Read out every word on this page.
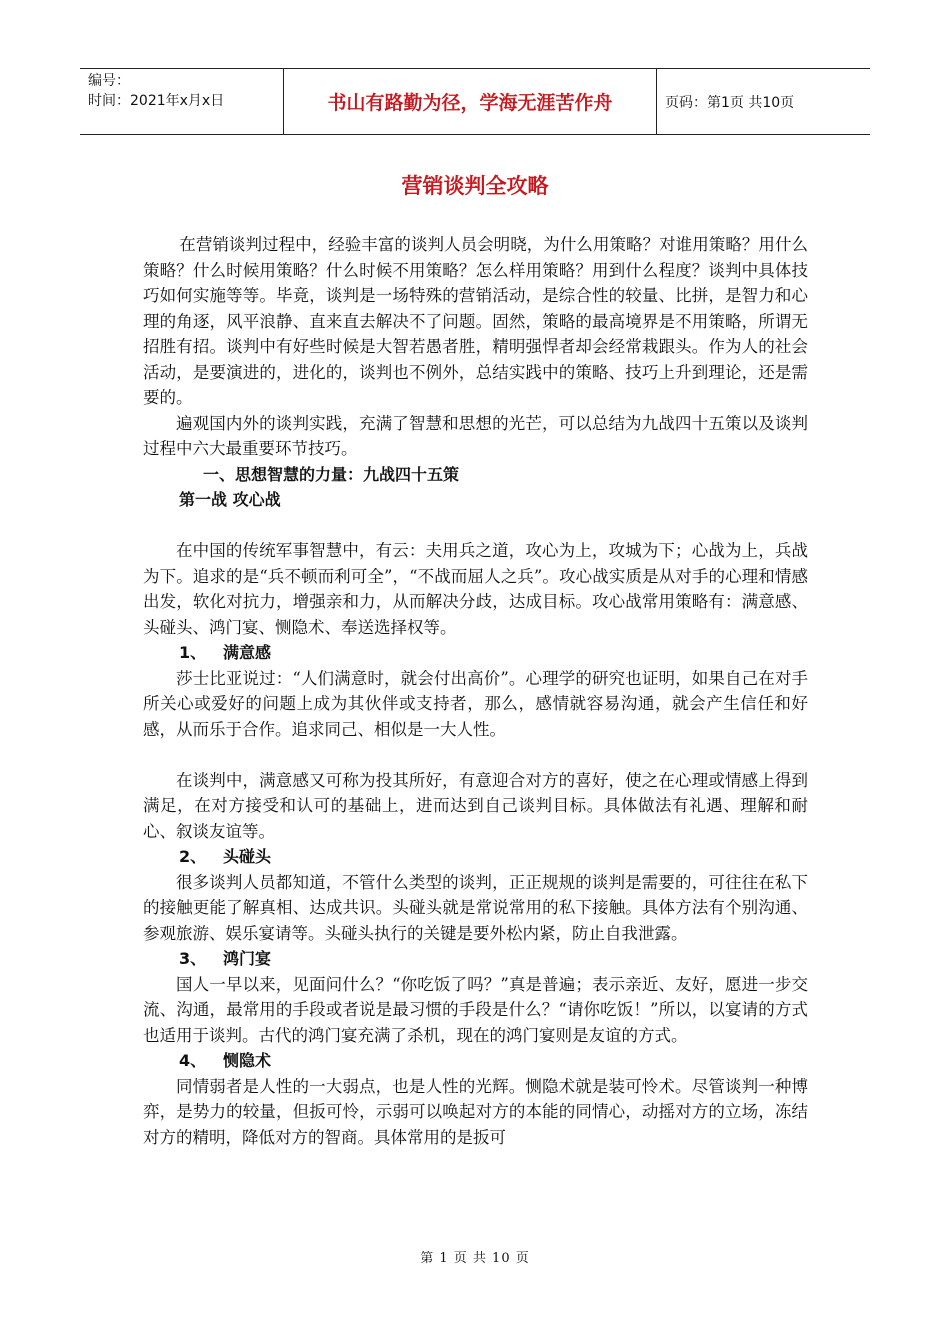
编号：
时间：2021年x月x日	书山有路勤为径，学海无涯苦作舟	页码：第1页 共10页
营销谈判全攻略

在营销谈判过程中，经验丰富的谈判人员会明晓，为什么用策略？对谁用策略？用什么策略？什么时候用策略？什么时候不用策略？怎么样用策略？用到什么程度？谈判中具体技巧如何实施等等。毕竟，谈判是一场特殊的营销活动，是综合性的较量、比拼，是智力和心理的角逐，风平浪静、直来直去解决不了问题。固然，策略的最高境界是不用策略，所谓无招胜有招。谈判中有好些时候是大智若愚者胜，精明强悍者却会经常栽跟头。作为人的社会活动，是要演进的，进化的，谈判也不例外，总结实践中的策略、技巧上升到理论，还是需要的。

遍观国内外的谈判实践，充满了智慧和思想的光芒，可以总结为九战四十五策以及谈判过程中六大最重要环节技巧。

一、思想智慧的力量：九战四十五策

第一战 攻心战

在中国的传统军事智慧中，有云：夫用兵之道，攻心为上，攻城为下；心战为上，兵战为下。追求的是“兵不顿而利可全”，“不战而屈人之兵”。攻心战实质是从对手的心理和情感出发，软化对抗力，增强亲和力，从而解决分歧，达成目标。攻心战常用策略有：满意感、头碰头、鸿门宴、恻隐术、奉送选择权等。

1、 满意感

莎士比亚说过：“人们满意时，就会付出高价”。心理学的研究也证明，如果自己在对手所关心或爱好的问题上成为其伙伴或支持者，那么，感情就容易沟通，就会产生信任和好感，从而乐于合作。追求同己、相似是一大人性。

在谈判中，满意感又可称为投其所好，有意迎合对方的喜好，使之在心理或情感上得到满足，在对方接受和认可的基础上，进而达到自己谈判目标。具体做法有礼遇、理解和耐心、叙谈友谊等。

2、 头碰头

很多谈判人员都知道，不管什么类型的谈判，正正规规的谈判是需要的，可往往在私下的接触更能了解真相、达成共识。头碰头就是常说常用的私下接触。具体方法有个别沟通、参观旅游、娱乐宴请等。头碰头执行的关键是要外松内紧，防止自我泄露。

3、 鸿门宴

国人一早以来，见面问什么？“你吃饭了吗？”真是普遍；表示亲近、友好，愿进一步交流、沟通，最常用的手段或者说是最习惯的手段是什么？“请你吃饭！”所以，以宴请的方式也适用于谈判。古代的鸿门宴充满了杀机，现在的鸿门宴则是友谊的方式。

4、 恻隐术

同情弱者是人性的一大弱点，也是人性的光辉。恻隐术就是装可怜术。尽管谈判一种博弈，是势力的较量，但扳可怜，示弱可以唤起对方的本能的同情心，动摇对方的立场，冻结对方的精明，降低对方的智商。具体常用的是扳可

第 1 页 共 10 页
